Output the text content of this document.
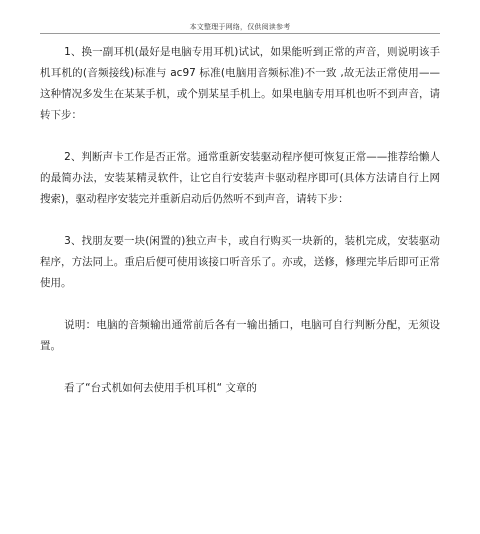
本文整理于网络，仅供阅读参考

1、换一副耳机(最好是电脑专用耳机)试试，如果能听到正常的声音，则说明该手机耳机的(音频接线)标准与 ac97 标准(电脑用音频标准)不一致 ,故无法正常使用——这种情况多发生在某某手机，或个别某星手机上。如果电脑专用耳机也听不到声音，请转下步：

2、判断声卡工作是否正常。通常重新安装驱动程序便可恢复正常——推荐给懒人的最简办法，安装某精灵软件，让它自行安装声卡驱动程序即可(具体方法请自行上网搜索)，驱动程序安装完并重新启动后仍然听不到声音，请转下步：

3、找朋友要一块(闲置的)独立声卡，或自行购买一块新的，装机完成，安装驱动程序，方法同上。重启后便可使用该接口听音乐了。亦或，送修，修理完毕后即可正常使用。

说明：电脑的音频输出通常前后各有一输出插口，电脑可自行判断分配，无须设置。

看了“台式机如何去使用手机耳机“ 文章的
